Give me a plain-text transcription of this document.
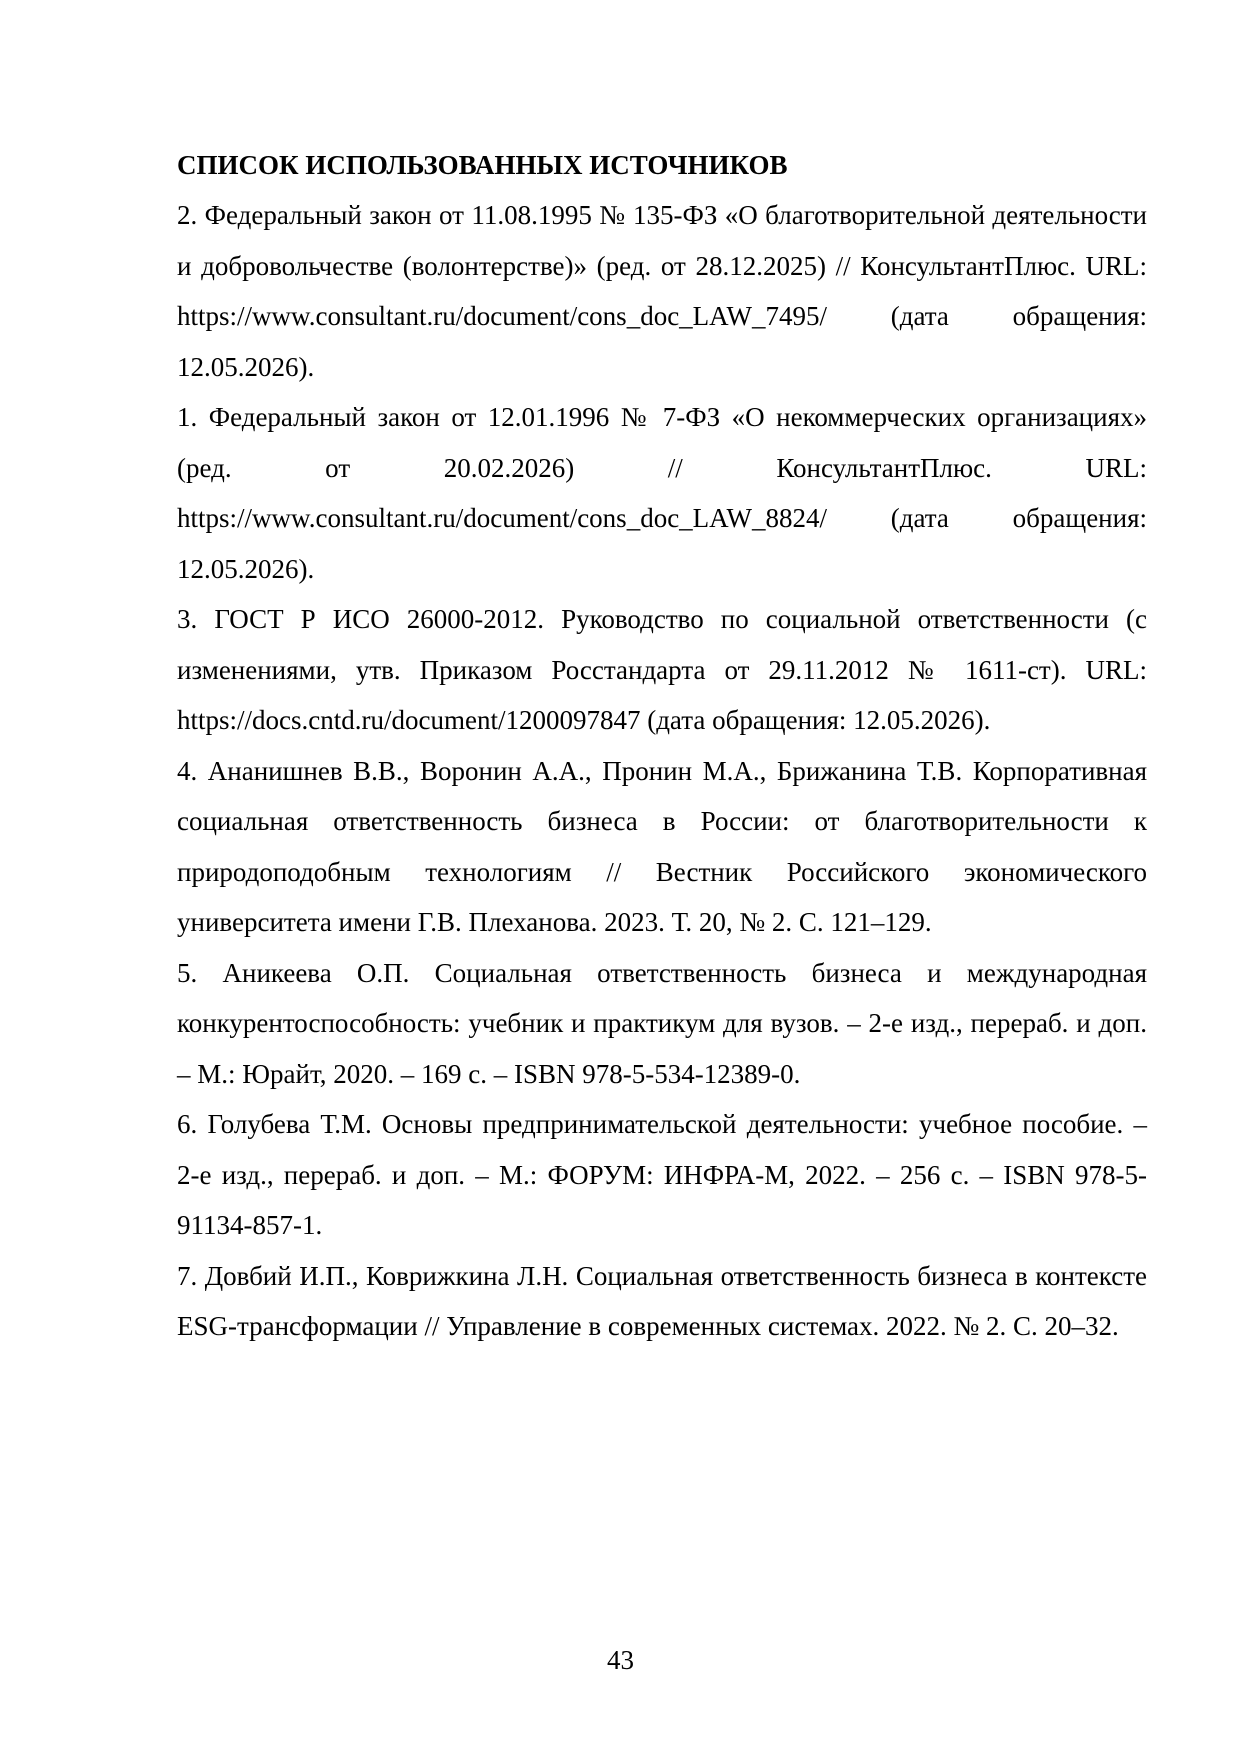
СПИСОК ИСПОЛЬЗОВАННЫХ ИСТОЧНИКОВ

2. Федеральный закон от 11.08.1995 № 135-ФЗ «О благотворительной деятельности и добровольчестве (волонтерстве)» (ред. от 28.12.2025) // КонсультантПлюс. URL: https://www.consultant.ru/document/cons_doc_LAW_7495/ (дата обращения: 12.05.2026).

1. Федеральный закон от 12.01.1996 № 7-ФЗ «О некоммерческих организациях» (ред. от 20.02.2026) // КонсультантПлюс. URL: https://www.consultant.ru/document/cons_doc_LAW_8824/ (дата обращения: 12.05.2026).

3. ГОСТ Р ИСО 26000-2012. Руководство по социальной ответственности (с изменениями, утв. Приказом Росстандарта от 29.11.2012 № 1611-ст). URL: https://docs.cntd.ru/document/1200097847 (дата обращения: 12.05.2026).

4. Ананишнев В.В., Воронин А.А., Пронин М.А., Брижанина Т.В. Корпоративная социальная ответственность бизнеса в России: от благотворительности к природоподобным технологиям // Вестник Российского экономического университета имени Г.В. Плеханова. 2023. Т. 20, № 2. С. 121–129.

5. Аникеева О.П. Социальная ответственность бизнеса и международная конкурентоспособность: учебник и практикум для вузов. – 2-е изд., перераб. и доп. – М.: Юрайт, 2020. – 169 с. – ISBN 978-5-534-12389-0.

6. Голубева Т.М. Основы предпринимательской деятельности: учебное пособие. – 2-е изд., перераб. и доп. – М.: ФОРУМ: ИНФРА-М, 2022. – 256 с. – ISBN 978-5-91134-857-1.

7. Довбий И.П., Коврижкина Л.Н. Социальная ответственность бизнеса в контексте ESG-трансформации // Управление в современных системах. 2022. № 2. С. 20–32.

43
